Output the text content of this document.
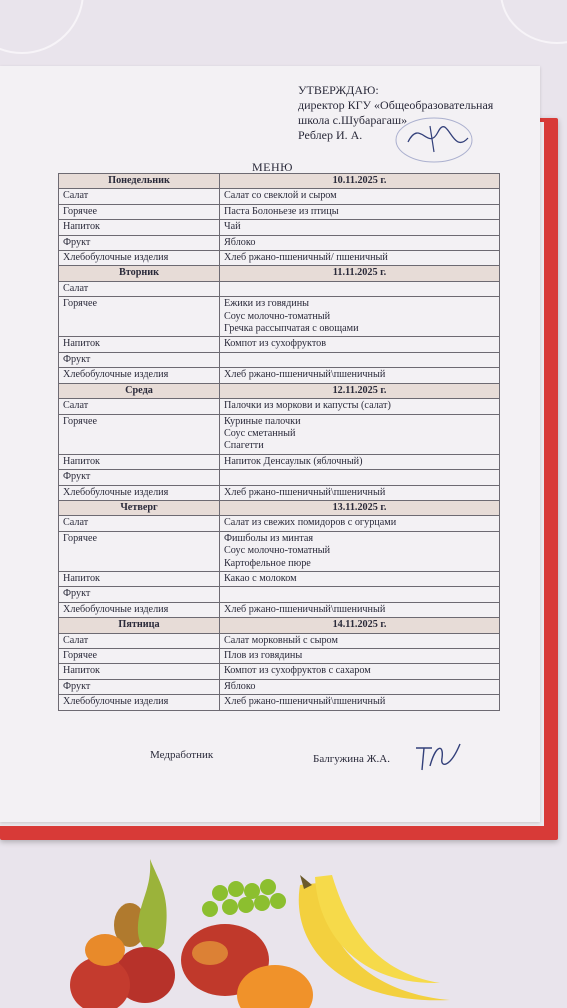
УТВЕРЖДАЮ:
директор КГУ «Общеобразовательная
школа с.Шубарагаш»
Реблер И. А.
МЕНЮ
Понедельник	10.11.2025 г.
Салат	Салат со свеклой и сыром

Горячее	Паста Болоньезе из птицы

Напиток	Чай

Фрукт	Яблоко

Хлебобулочные изделия	Хлеб ржано-пшеничный/ пшеничный

Вторник	11.11.2025 г.
Салат	

Горячее	Ежики из говядины
Соус молочно-томатный
Гречка рассыпчатая с овощами

Напиток	Компот из сухофруктов

Фрукт	

Хлебобулочные изделия	Хлеб ржано-пшеничный\пшеничный

Среда	12.11.2025 г.
Салат	Палочки из моркови и капусты (салат)

Горячее	Куриные палочки
Соус сметанный
Спагетти

Напиток	Напиток Денсаулык (яблочный)

Фрукт	

Хлебобулочные изделия	Хлеб ржано-пшеничный\пшеничный

Четверг	13.11.2025 г.
Салат	Салат из свежих помидоров с огурцами

Горячее	Фишболы из минтая
Соус молочно-томатный
Картофельное пюре

Напиток	Какао с молоком

Фрукт	

Хлебобулочные изделия	Хлеб ржано-пшеничный\пшеничный

Пятница	14.11.2025 г.
Салат	Салат морковный с сыром

Горячее	Плов из говядины

Напиток	Компот из сухофруктов с сахаром

Фрукт	Яблоко

Хлебобулочные изделия	Хлеб ржано-пшеничный\пшеничный
Медработник	Балгужина Ж.А.
